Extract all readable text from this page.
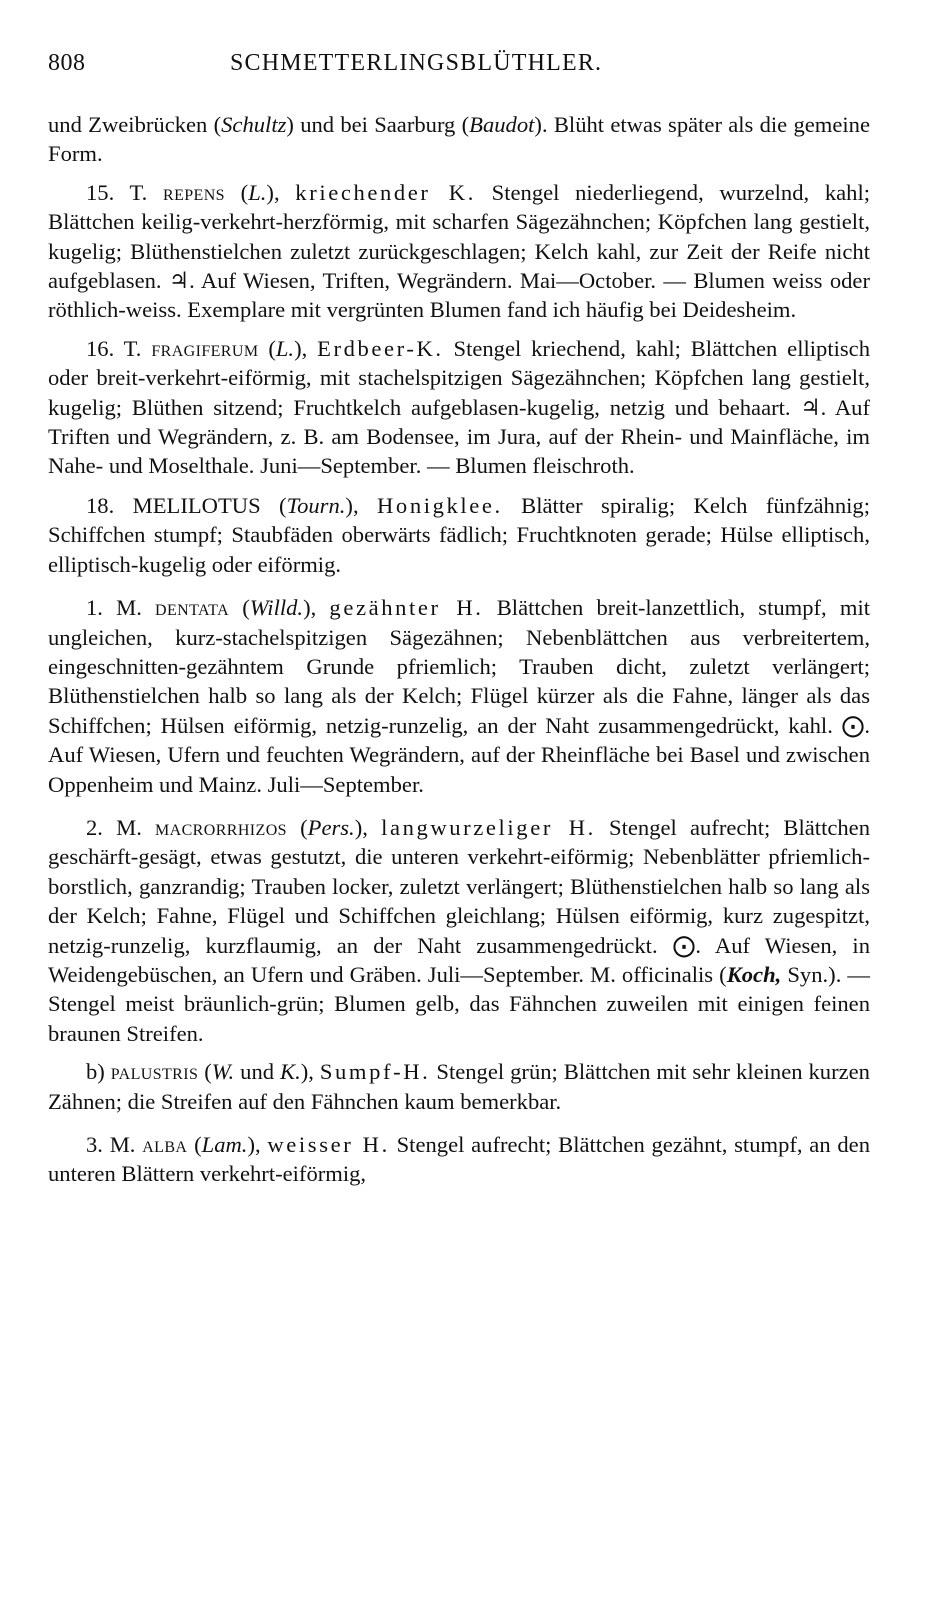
808	SCHMETTERLINGSBLÜTHLER.

und Zweibrücken (Schultz) und bei Saarburg (Baudot). Blüht etwas später als die gemeine Form.

15. T. repens (L.), kriechender K. Stengel niederliegend, wurzelnd, kahl; Blättchen keilig-verkehrt-herzförmig, mit scharfen Sägezähnchen; Köpfchen lang gestielt, kugelig; Blüthenstielchen zuletzt zurückgeschlagen; Kelch kahl, zur Zeit der Reife nicht aufgeblasen. ♃. Auf Wiesen, Triften, Wegrändern. Mai—October. — Blumen weiss oder röthlich-weiss. Exemplare mit vergrünten Blumen fand ich häufig bei Deidesheim.

16. T. fragiferum (L.), Erdbeer-K. Stengel kriechend, kahl; Blättchen elliptisch oder breit-verkehrt-eiförmig, mit stachelspitzigen Sägezähnchen; Köpfchen lang gestielt, kugelig; Blüthen sitzend; Fruchtkelch aufgeblasen-kugelig, netzig und behaart. ♃. Auf Triften und Wegrändern, z. B. am Bodensee, im Jura, auf der Rhein- und Mainfläche, im Nahe- und Moselthale. Juni—September. — Blumen fleischroth.

18. MELILOTUS (Tourn.), Honigklee. Blätter spiralig; Kelch fünfzähnig; Schiffchen stumpf; Staubfäden oberwärts fädlich; Fruchtknoten gerade; Hülse elliptisch, elliptisch-kugelig oder eiförmig.

1. M. dentata (Willd.), gezähnter H. Blättchen breit-lanzettlich, stumpf, mit ungleichen, kurz-stachelspitzigen Sägezähnen; Nebenblättchen aus verbreitertem, eingeschnitten-gezähntem Grunde pfriemlich; Trauben dicht, zuletzt verlängert; Blüthenstielchen halb so lang als der Kelch; Flügel kürzer als die Fahne, länger als das Schiffchen; Hülsen eiförmig, netzig-runzelig, an der Naht zusammengedrückt, kahl. ⨀. Auf Wiesen, Ufern und feuchten Wegrändern, auf der Rheinfläche bei Basel und zwischen Oppenheim und Mainz. Juli—September.

2. M. macrorrhizos (Pers.), langwurzeliger H. Stengel aufrecht; Blättchen geschärft-gesägt, etwas gestutzt, die unteren verkehrt-eiförmig; Nebenblätter pfriemlich-borstlich, ganzrandig; Trauben locker, zuletzt verlängert; Blüthenstielchen halb so lang als der Kelch; Fahne, Flügel und Schiffchen gleichlang; Hülsen eiförmig, kurz zugespitzt, netzig-runzelig, kurzflaumig, an der Naht zusammengedrückt. ⨀. Auf Wiesen, in Weidengebüschen, an Ufern und Gräben. Juli—September. M. officinalis (Koch, Syn.). — Stengel meist bräunlich-grün; Blumen gelb, das Fähnchen zuweilen mit einigen feinen braunen Streifen.

b) palustris (W. und K.), Sumpf-H. Stengel grün; Blättchen mit sehr kleinen kurzen Zähnen; die Streifen auf den Fähnchen kaum bemerkbar.

3. M. alba (Lam.), weisser H. Stengel aufrecht; Blättchen gezähnt, stumpf, an den unteren Blättern verkehrt-eiförmig,
